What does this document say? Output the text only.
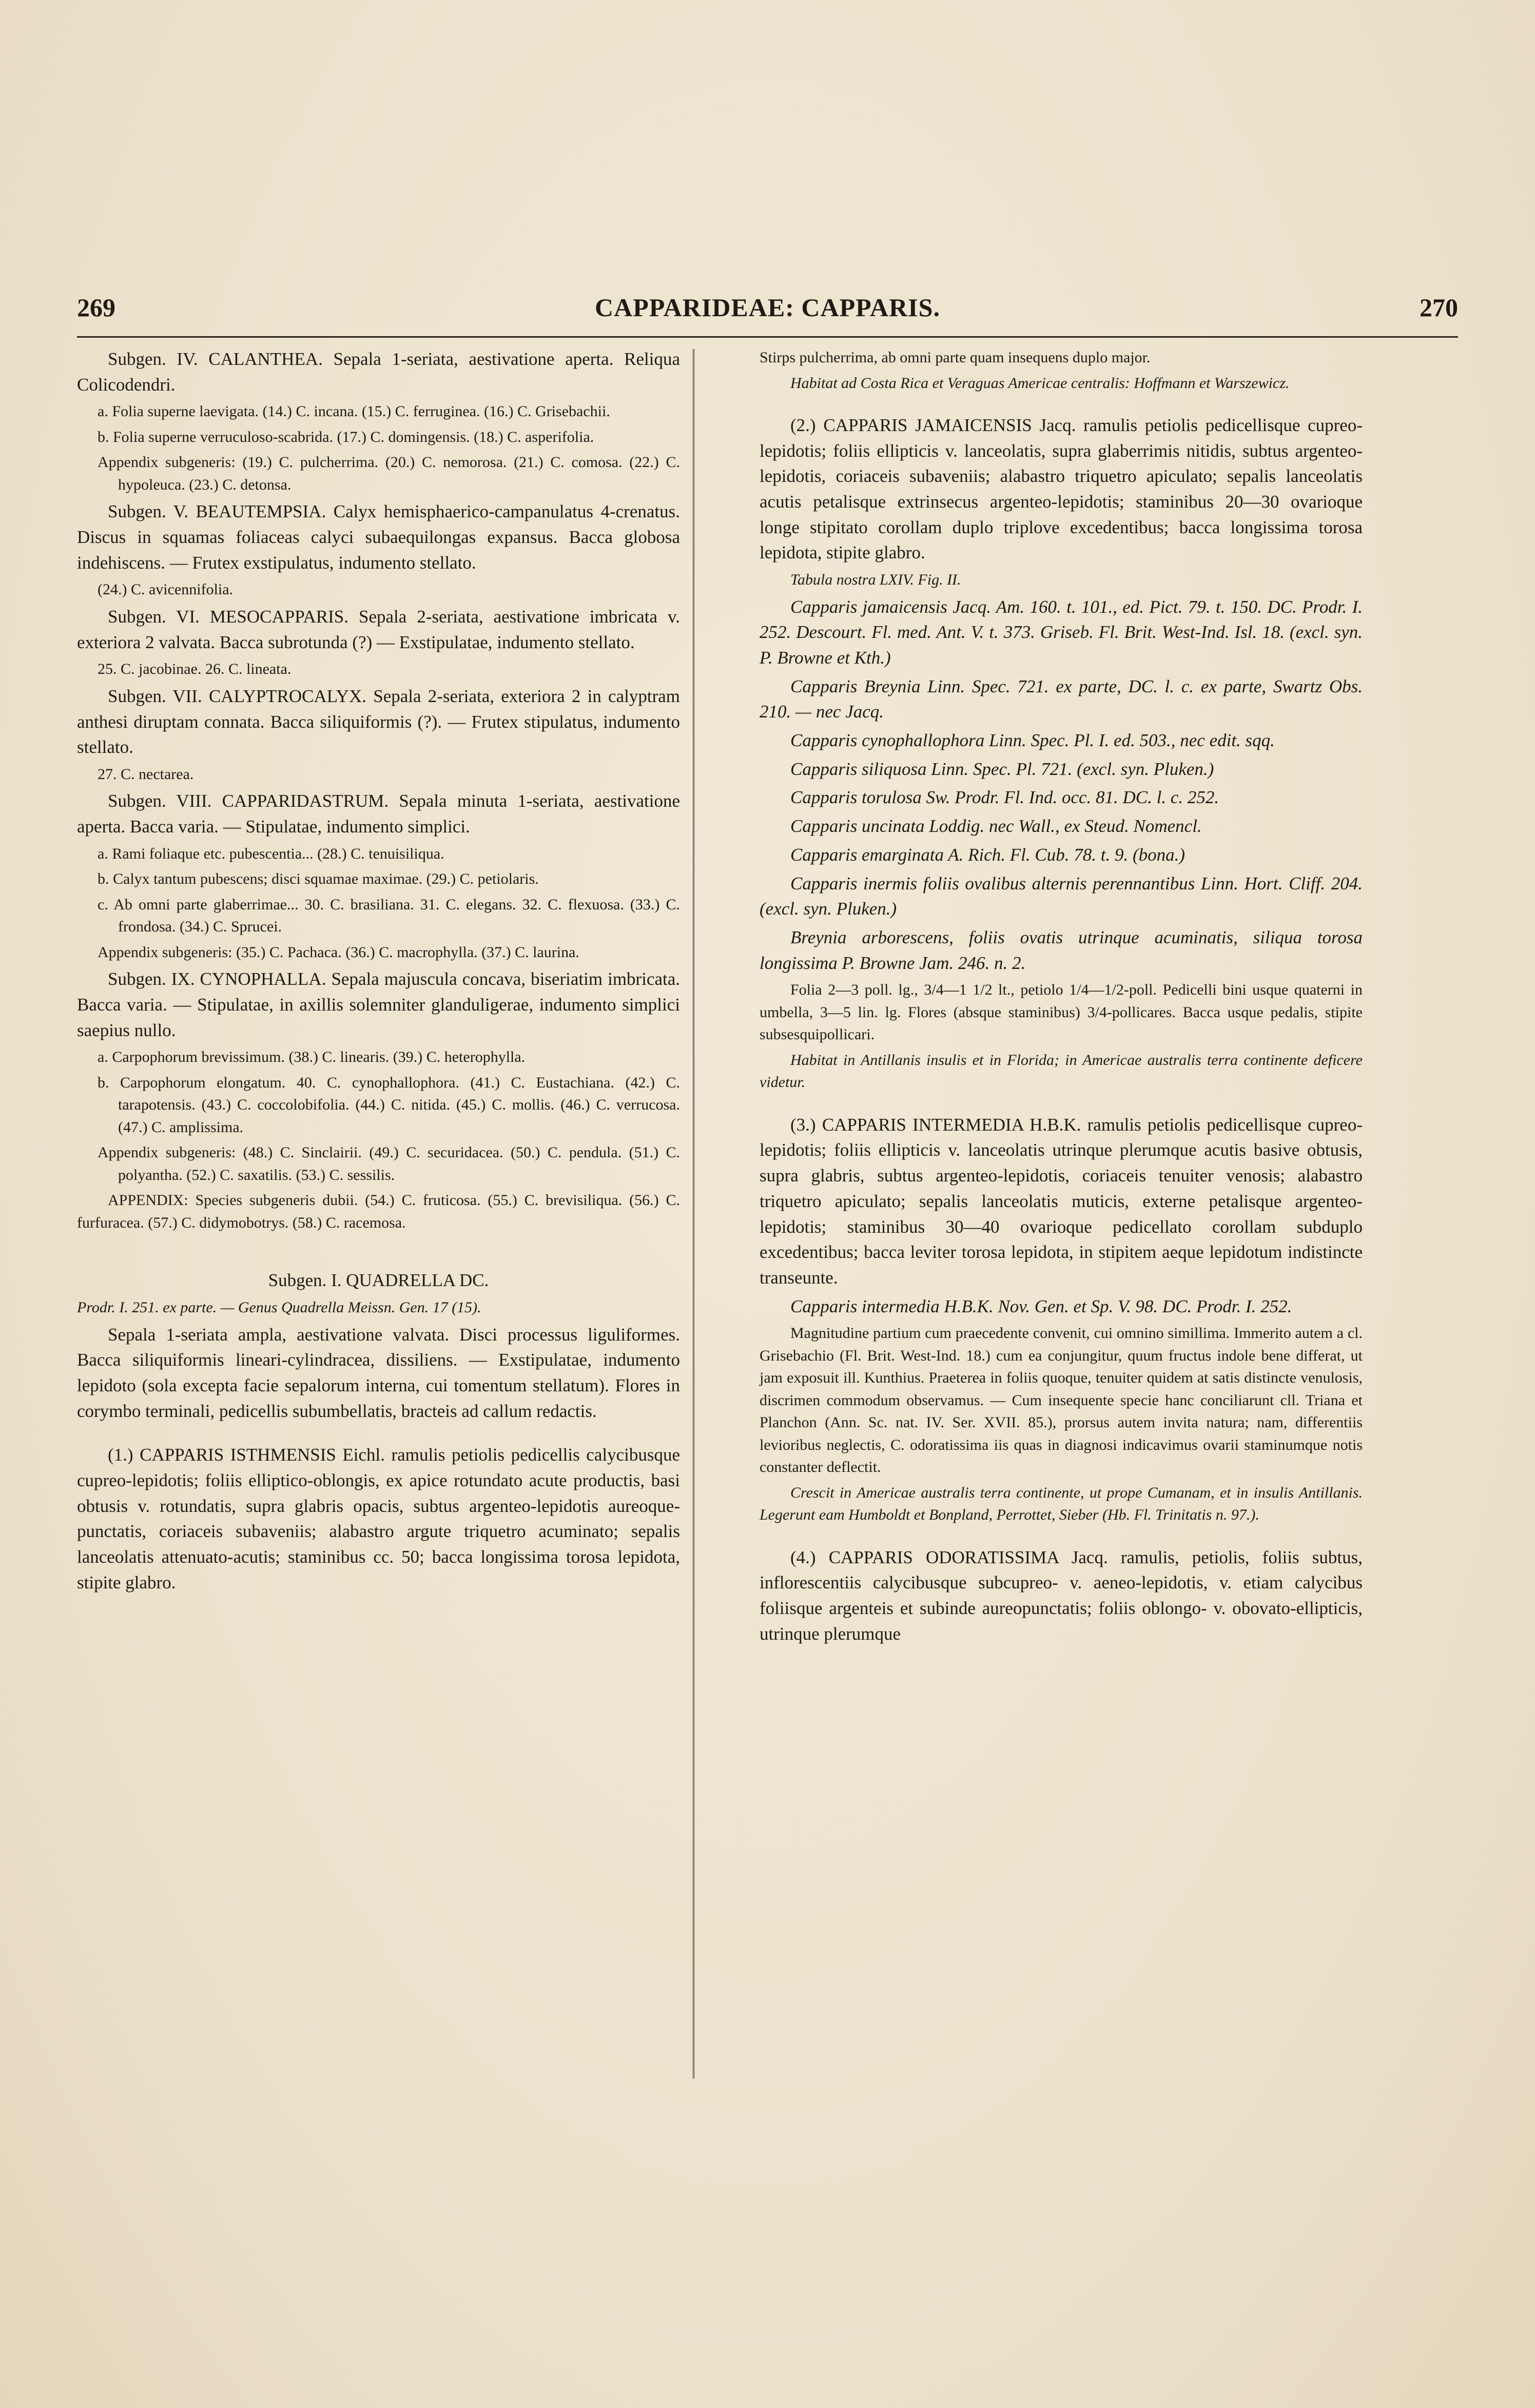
269	CAPPARIDEAE: CAPPARIS.	270

Subgen. IV. CALANTHEA. Sepala 1-seriata, aestivatione aperta. Reliqua Colicodendri.

a. Folia superne laevigata. (14.) C. incana. (15.) C. ferruginea. (16.) C. Grisebachii.

b. Folia superne verruculoso-scabrida. (17.) C. domingensis. (18.) C. asperifolia.

Appendix subgeneris: (19.) C. pulcherrima. (20.) C. nemorosa. (21.) C. comosa. (22.) C. hypoleuca. (23.) C. detonsa.

Subgen. V. BEAUTEMPSIA. Calyx hemisphaerico-campanulatus 4-crenatus. Discus in squamas foliaceas calyci subaequilongas expansus. Bacca globosa indehiscens. — Frutex exstipulatus, indumento stellato.

(24.) C. avicennifolia.

Subgen. VI. MESOCAPPARIS. Sepala 2-seriata, aestivatione imbricata v. exteriora 2 valvata. Bacca subrotunda (?) — Exstipulatae, indumento stellato.

25. C. jacobinae. 26. C. lineata.

Subgen. VII. CALYPTROCALYX. Sepala 2-seriata, exteriora 2 in calyptram anthesi diruptam connata. Bacca siliquiformis (?). — Frutex stipulatus, indumento stellato.

27. C. nectarea.

Subgen. VIII. CAPPARIDASTRUM. Sepala minuta 1-seriata, aestivatione aperta. Bacca varia. — Stipulatae, indumento simplici.

a. Rami foliaque etc. pubescentia... (28.) C. tenuisiliqua.

b. Calyx tantum pubescens; disci squamae maximae. (29.) C. petiolaris.

c. Ab omni parte glaberrimae... 30. C. brasiliana. 31. C. elegans. 32. C. flexuosa. (33.) C. frondosa. (34.) C. Sprucei.

Appendix subgeneris: (35.) C. Pachaca. (36.) C. macrophylla. (37.) C. laurina.

Subgen. IX. CYNOPHALLA. Sepala majuscula concava, biseriatim imbricata. Bacca varia. — Stipulatae, in axillis solemniter glanduligerae, indumento simplici saepius nullo.

a. Carpophorum brevissimum. (38.) C. linearis. (39.) C. heterophylla.

b. Carpophorum elongatum. 40. C. cynophallophora. (41.) C. Eustachiana. (42.) C. tarapotensis. (43.) C. coccolobifolia. (44.) C. nitida. (45.) C. mollis. (46.) C. verrucosa. (47.) C. amplissima.

Appendix subgeneris: (48.) C. Sinclairii. (49.) C. securidacea. (50.) C. pendula. (51.) C. polyantha. (52.) C. saxatilis. (53.) C. sessilis.

APPENDIX: Species subgeneris dubii. (54.) C. fruticosa. (55.) C. brevisiliqua. (56.) C. furfuracea. (57.) C. didymobotrys. (58.) C. racemosa.

Subgen. I. QUADRELLA DC.

Prodr. I. 251. ex parte. — Genus Quadrella Meissn. Gen. 17 (15).

Sepala 1-seriata ampla, aestivatione valvata. Disci processus liguliformes. Bacca siliquiformis lineari-cylindracea, dissiliens. — Exstipulatae, indumento lepidoto (sola excepta facie sepalorum interna, cui tomentum stellatum). Flores in corymbo terminali, pedicellis subumbellatis, bracteis ad callum redactis.

(1.) CAPPARIS ISTHMENSIS Eichl. ramulis petiolis pedicellis calycibusque cupreo-lepidotis; foliis elliptico-oblongis, ex apice rotundato acute productis, basi obtusis v. rotundatis, supra glabris opacis, subtus argenteo-lepidotis aureoque-punctatis, coriaceis subaveniis; alabastro argute triquetro acuminato; sepalis lanceolatis attenuato-acutis; staminibus cc. 50; bacca longissima torosa lepidota, stipite glabro.

Stirps pulcherrima, ab omni parte quam insequens duplo major.

Habitat ad Costa Rica et Veraguas Americae centralis: Hoffmann et Warszewicz.

(2.) CAPPARIS JAMAICENSIS Jacq. ramulis petiolis pedicellisque cupreo-lepidotis; foliis ellipticis v. lanceolatis, supra glaberrimis nitidis, subtus argenteo-lepidotis, coriaceis subaveniis; alabastro triquetro apiculato; sepalis lanceolatis acutis petalisque extrinsecus argenteo-lepidotis; staminibus 20—30 ovarioque longe stipitato corollam duplo triplove excedentibus; bacca longissima torosa lepidota, stipite glabro.

Tabula nostra LXIV. Fig. II.

Capparis jamaicensis Jacq. Am. 160. t. 101., ed. Pict. 79. t. 150. DC. Prodr. I. 252. Descourt. Fl. med. Ant. V. t. 373. Griseb. Fl. Brit. West-Ind. Isl. 18. (excl. syn. P. Browne et Kth.)

Capparis Breynia Linn. Spec. 721. ex parte, DC. l. c. ex parte, Swartz Obs. 210. — nec Jacq.

Capparis cynophallophora Linn. Spec. Pl. I. ed. 503., nec edit. sqq.

Capparis siliquosa Linn. Spec. Pl. 721. (excl. syn. Pluken.)

Capparis torulosa Sw. Prodr. Fl. Ind. occ. 81. DC. l. c. 252.

Capparis uncinata Loddig. nec Wall., ex Steud. Nomencl.

Capparis emarginata A. Rich. Fl. Cub. 78. t. 9. (bona.)

Capparis inermis foliis ovalibus alternis perennantibus Linn. Hort. Cliff. 204. (excl. syn. Pluken.)

Breynia arborescens, foliis ovatis utrinque acuminatis, siliqua torosa longissima P. Browne Jam. 246. n. 2.

Folia 2—3 poll. lg., 3/4—1 1/2 lt., petiolo 1/4—1/2-poll. Pedicelli bini usque quaterni in umbella, 3—5 lin. lg. Flores (absque staminibus) 3/4-pollicares. Bacca usque pedalis, stipite subsesquipollicari.

Habitat in Antillanis insulis et in Florida; in Americae australis terra continente deficere videtur.

(3.) CAPPARIS INTERMEDIA H.B.K. ramulis petiolis pedicellisque cupreo-lepidotis; foliis ellipticis v. lanceolatis utrinque plerumque acutis basive obtusis, supra glabris, subtus argenteo-lepidotis, coriaceis tenuiter venosis; alabastro triquetro apiculato; sepalis lanceolatis muticis, externe petalisque argenteo-lepidotis; staminibus 30—40 ovarioque pedicellato corollam subduplo excedentibus; bacca leviter torosa lepidota, in stipitem aeque lepidotum indistincte transeunte.

Capparis intermedia H.B.K. Nov. Gen. et Sp. V. 98. DC. Prodr. I. 252.

Magnitudine partium cum praecedente convenit, cui omnino simillima. Immerito autem a cl. Grisebachio (Fl. Brit. West-Ind. 18.) cum ea conjungitur, quum fructus indole bene differat, ut jam exposuit ill. Kunthius. Praeterea in foliis quoque, tenuiter quidem at satis distincte venulosis, discrimen commodum observamus. — Cum insequente specie hanc conciliarunt cll. Triana et Planchon (Ann. Sc. nat. IV. Ser. XVII. 85.), prorsus autem invita natura; nam, differentiis levioribus neglectis, C. odoratissima iis quas in diagnosi indicavimus ovarii staminumque notis constanter deflectit.

Crescit in Americae australis terra continente, ut prope Cumanam, et in insulis Antillanis. Legerunt eam Humboldt et Bonpland, Perrottet, Sieber (Hb. Fl. Trinitatis n. 97.).

(4.) CAPPARIS ODORATISSIMA Jacq. ramulis, petiolis, foliis subtus, inflorescentiis calycibusque subcupreo- v. aeneo-lepidotis, v. etiam calycibus foliisque argenteis et subinde aureopunctatis; foliis oblongo- v. obovato-ellipticis, utrinque plerumque
